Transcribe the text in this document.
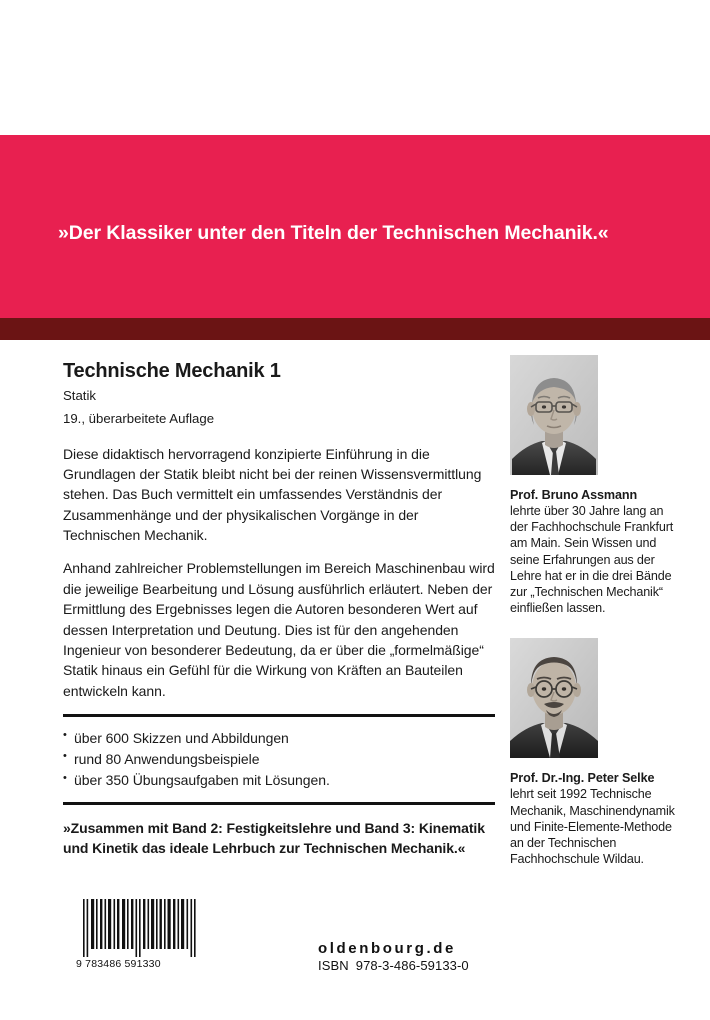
»Der Klassiker unter den Titeln der Technischen Mechanik.«
Technische Mechanik 1

Statik

19., überarbeitete Auflage

Diese didaktisch hervorragend konzipierte Einführung in die Grundlagen der Statik bleibt nicht bei der reinen Wissensvermittlung stehen. Das Buch vermittelt ein umfassendes Verständnis der Zusammenhänge und der physikalischen Vorgänge in der Technischen Mechanik.

Anhand zahlreicher Problemstellungen im Bereich Maschinenbau wird die jeweilige Bearbeitung und Lösung ausführlich erläutert. Neben der Ermittlung des Ergebnisses legen die Autoren besonderen Wert auf dessen Interpretation und Deutung. Dies ist für den angehenden Ingenieur von besonderer Bedeutung, da er über die „formelmäßige“ Statik hinaus ein Gefühl für die Wirkung von Kräften an Bauteilen entwickeln kann.

• über 600 Skizzen und Abbildungen
• rund 80 Anwendungsbeispiele
• über 350 Übungsaufgaben mit Lösungen.

»Zusammen mit Band 2: Festigkeitslehre und Band 3: Kinematik und Kinetik das ideale Lehrbuch zur Technischen Mechanik.«

Prof. Bruno Assmann

lehrte über 30 Jahre lang an der Fachhochschule Frankfurt am Main. Sein Wissen und seine Erfahrungen aus der Lehre hat er in die drei Bände zur „Technischen Mechanik“ einfließen lassen.

Prof. Dr.-Ing. Peter Selke

lehrt seit 1992 Technische Mechanik, Maschinendynamik und Finite-Elemente-Methode an der Technischen Fachhochschule Wildau.

9 783486 591330
oldenbourg.de
ISBN 978-3-486-59133-0
